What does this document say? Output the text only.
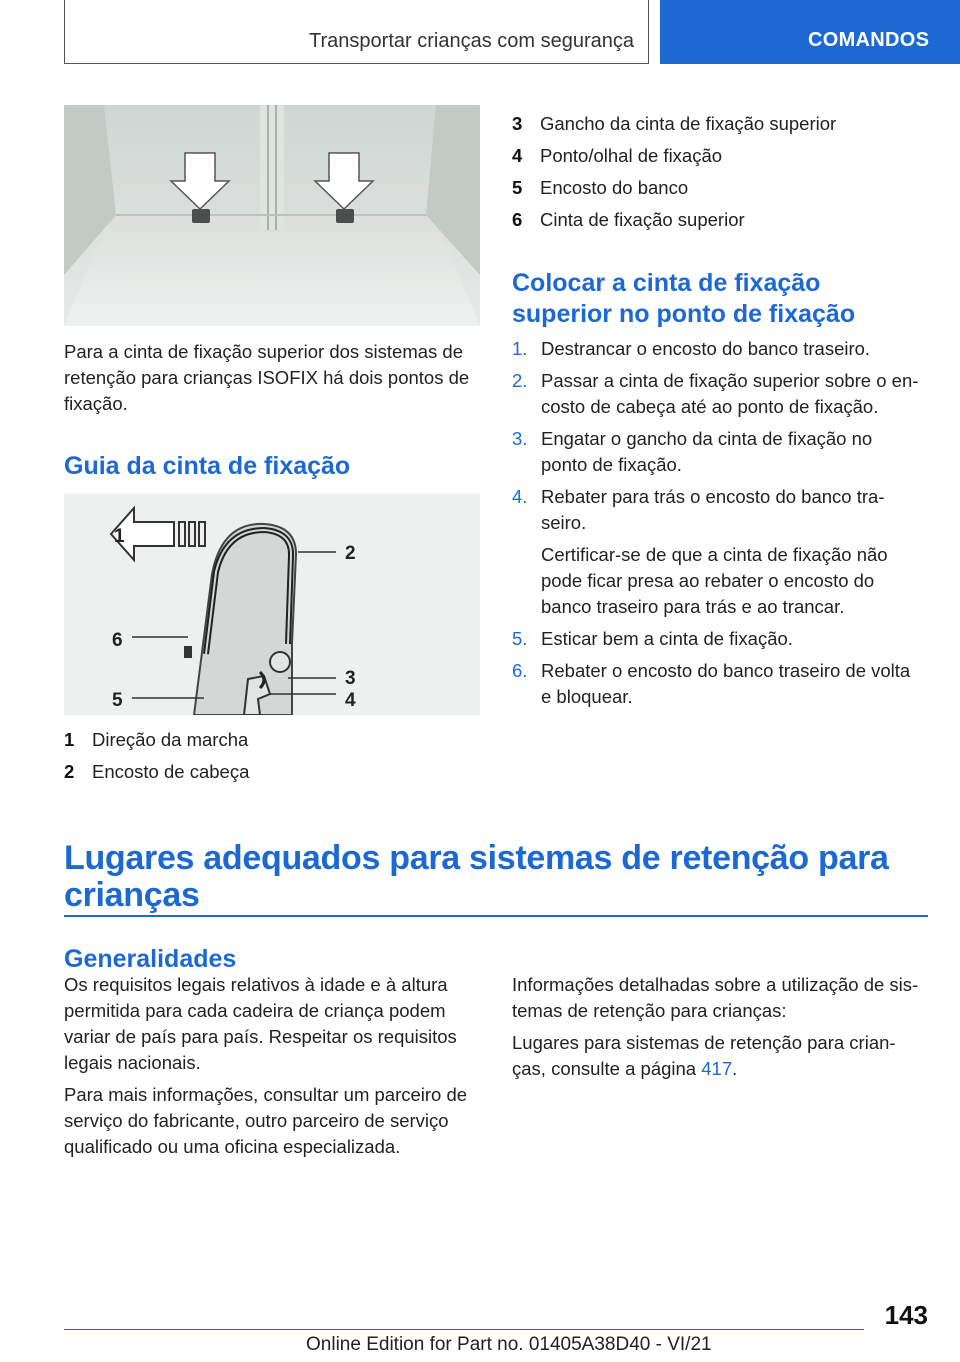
Transportar crianças com segurança	COMANDOS

Para a cinta de fixação superior dos sistemas de retenção para crianças ISOFIX há dois pontos de fixação.

Guia da cinta de fixação
1
2
3
4
5
6
1 Direção da marcha
2 Encosto de cabeça
3 Gancho da cinta de fixação superior
4 Ponto/olhal de fixação
5 Encosto do banco
6 Cinta de fixação superior
Colocar a cinta de fixação
superior no ponto de fixação
1. Destrancar o encosto do banco traseiro.

2. Passar a cinta de fixação superior sobre o en-
costo de cabeça até ao ponto de fixação.

3. Engatar o gancho da cinta de fixação no
ponto de fixação.

4. Rebater para trás o encosto do banco tra-
seiro.

Certificar-se de que a cinta de fixação não
pode ficar presa ao rebater o encosto do
banco traseiro para trás e ao trancar.

5. Esticar bem a cinta de fixação.

6. Rebater o encosto do banco traseiro de volta
e bloquear.

Lugares adequados para sistemas de retenção para
crianças
Generalidades

Os requisitos legais relativos à idade e à altura
permitida para cada cadeira de criança podem
variar de país para país. Respeitar os requisitos
legais nacionais.

Para mais informações, consultar um parceiro de
serviço do fabricante, outro parceiro de serviço
qualificado ou uma oficina especializada.

Informações detalhadas sobre a utilização de sis-
temas de retenção para crianças:

Lugares para sistemas de retenção para crian-
ças, consulte a página 417.

143
Online Edition for Part no. 01405A38D40 - VI/21
